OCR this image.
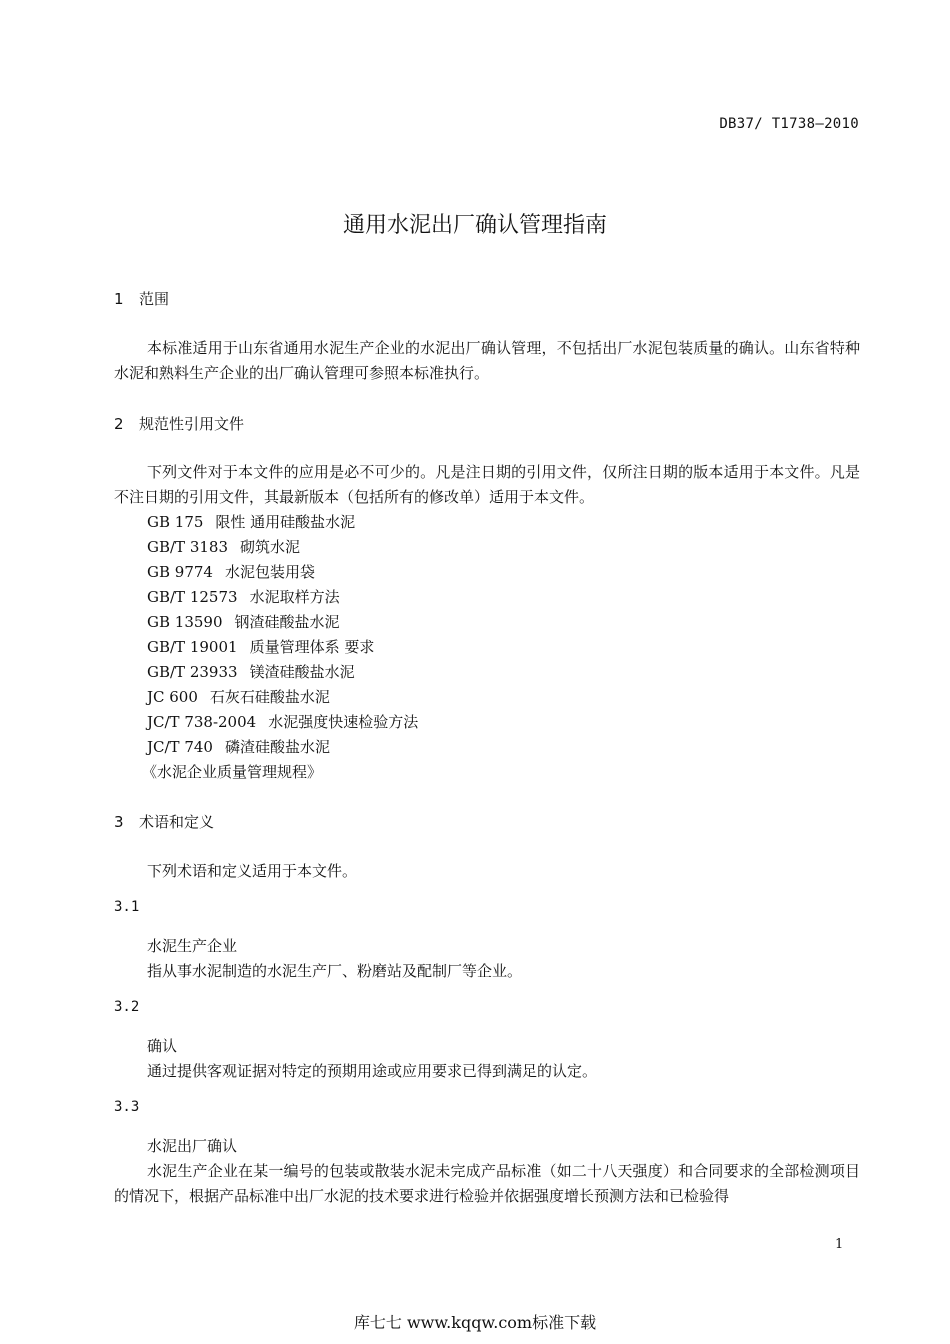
DB37/ T1738—2010
通用水泥出厂确认管理指南
1 范围
本标准适用于山东省通用水泥生产企业的水泥出厂确认管理，不包括出厂水泥包装质量的确认。山东省特种水泥和熟料生产企业的出厂确认管理可参照本标准执行。
2 规范性引用文件
下列文件对于本文件的应用是必不可少的。凡是注日期的引用文件，仅所注日期的版本适用于本文件。凡是不注日期的引用文件，其最新版本（包括所有的修改单）适用于本文件。
GB 175 限性 通用硅酸盐水泥
GB/T 3183 砌筑水泥
GB 9774 水泥包装用袋
GB/T 12573 水泥取样方法
GB 13590 钢渣硅酸盐水泥
GB/T 19001 质量管理体系 要求
GB/T 23933 镁渣硅酸盐水泥
JC 600 石灰石硅酸盐水泥
JC/T 738-2004 水泥强度快速检验方法
JC/T 740 磷渣硅酸盐水泥
《水泥企业质量管理规程》
3 术语和定义
下列术语和定义适用于本文件。
3.1
水泥生产企业
指从事水泥制造的水泥生产厂、粉磨站及配制厂等企业。
3.2
确认
通过提供客观证据对特定的预期用途或应用要求已得到满足的认定。
3.3
水泥出厂确认
水泥生产企业在某一编号的包装或散装水泥未完成产品标准（如二十八天强度）和合同要求的全部检测项目的情况下，根据产品标准中出厂水泥的技术要求进行检验并依据强度增长预测方法和已检验得
1
库七七 www.kqqw.com标准下载
